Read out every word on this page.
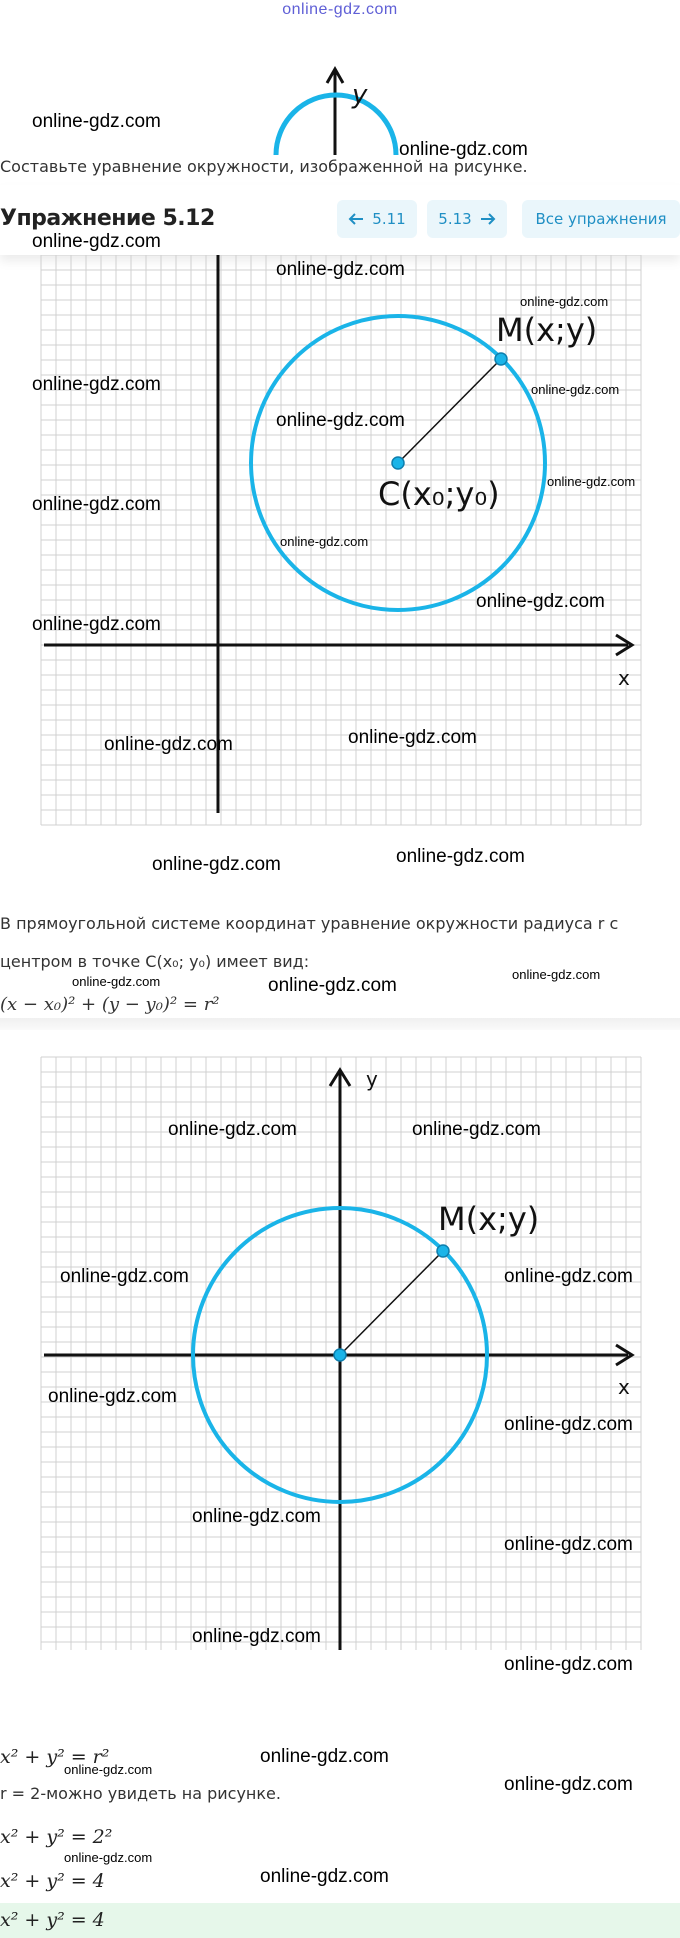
online-gdz.com
y
Составьте уравнение окружности, изображенной на рисунке.
Упражнение 5.12	5.11 5.13	Все упражнения
M(x;y)
C(x₀;y₀)
x
В прямоугольной системе координат уравнение окружности радиуса r с
центром в точке C(x₀; y₀) имеет вид:
(x − x₀)² + (y − y₀)² = r²
M(x;y)
y
x
x² + y² = r²
r = 2-можно увидеть на рисунке.
x² + y² = 2²
x² + y² = 4
x² + y² = 4
online-gdz.com
online-gdz.com
online-gdz.com
online-gdz.com
online-gdz.com
online-gdz.com	online-gdz.com
online-gdz.com
online-gdz.com
online-gdz.com
online-gdz.com
online-gdz.com
online-gdz.com
online-gdz.com
online-gdz.com
online-gdz.com
online-gdz.com
online-gdz.com	online-gdz.com
online-gdz.com
online-gdz.com	online-gdz.com
online-gdz.com	online-gdz.com
online-gdz.com
online-gdz.com
online-gdz.com
online-gdz.com
online-gdz.com
online-gdz.com
online-gdz.com
online-gdz.com
online-gdz.com
online-gdz.com
online-gdz.com
